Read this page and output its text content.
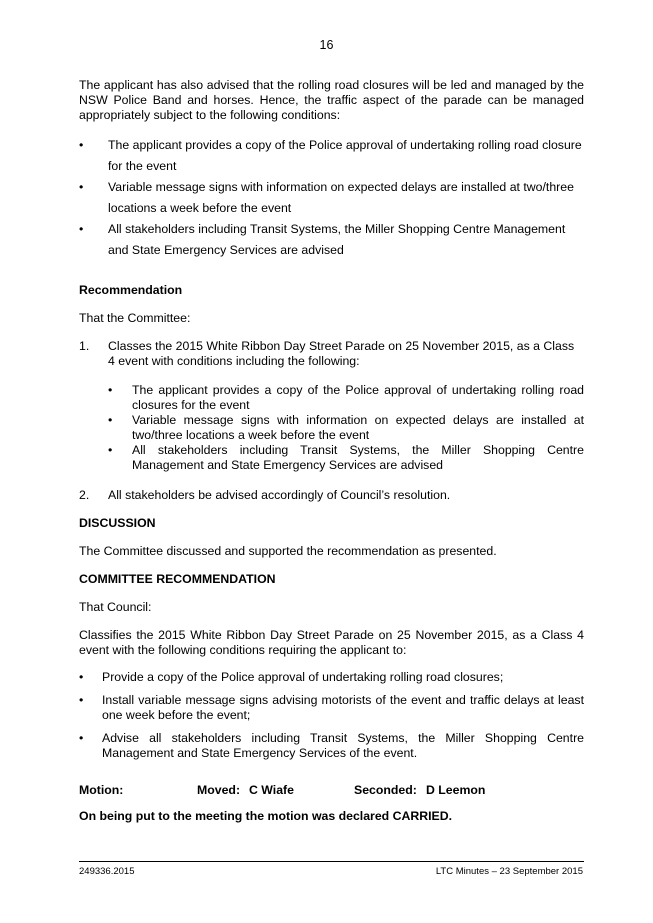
16

The applicant has also advised that the rolling road closures will be led and managed by the NSW Police Band and horses. Hence, the traffic aspect of the parade can be managed appropriately subject to the following conditions:

• The applicant provides a copy of the Police approval of undertaking rolling road closure for the event
• Variable message signs with information on expected delays are installed at two/three locations a week before the event
• All stakeholders including Transit Systems, the Miller Shopping Centre Management and State Emergency Services are advised

Recommendation

That the Committee:

1. Classes the 2015 White Ribbon Day Street Parade on 25 November 2015, as a Class 4 event with conditions including the following:
• The applicant provides a copy of the Police approval of undertaking rolling road closures for the event
• Variable message signs with information on expected delays are installed at two/three locations a week before the event
• All stakeholders including Transit Systems, the Miller Shopping Centre Management and State Emergency Services are advised
2. All stakeholders be advised accordingly of Council’s resolution.

DISCUSSION

The Committee discussed and supported the recommendation as presented.

COMMITTEE RECOMMENDATION

That Council:

Classifies the 2015 White Ribbon Day Street Parade on 25 November 2015, as a Class 4 event with the following conditions requiring the applicant to:

• Provide a copy of the Police approval of undertaking rolling road closures;
• Install variable message signs advising motorists of the event and traffic delays at least one week before the event;
• Advise all stakeholders including Transit Systems, the Miller Shopping Centre Management and State Emergency Services of the event.
Motion:	Moved: C Wiafe	Seconded: D Leemon

On being put to the meeting the motion was declared CARRIED.

249336.2015	LTC Minutes – 23 September 2015
